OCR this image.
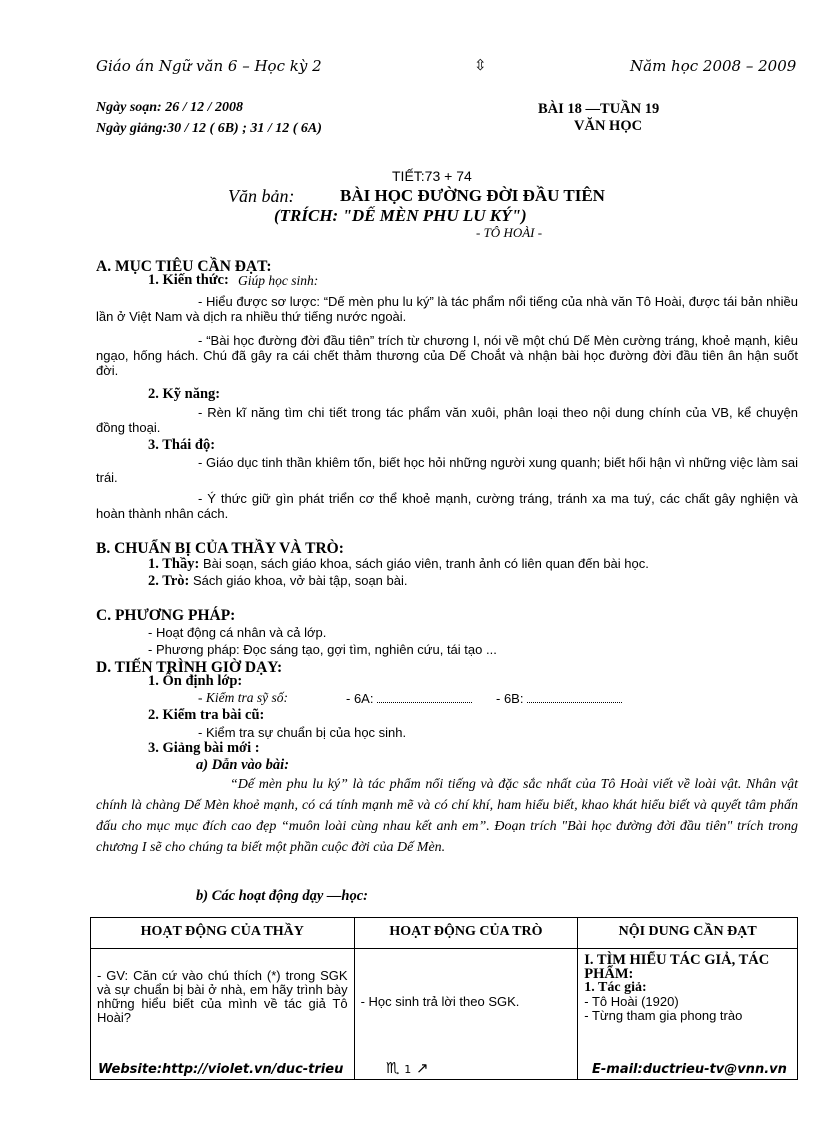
Giáo án Ngữ văn 6 – Học kỳ 2	⇳	Năm học 2008 – 2009
Ngày soạn: 26 / 12 / 2008
Ngày giảng:30 / 12 ( 6B) ; 31 / 12 ( 6A)
BÀI 18 —TUẦN 19
VĂN HỌC
TIẾT:73 + 74
Văn bản:	BÀI HỌC ĐƯỜNG ĐỜI ĐẦU TIÊN
(TRÍCH: "DẾ MÈN PHU LU KÝ")
- TÔ HOÀI -
A. MỤC TIÊU CẦN ĐẠT:
1. Kiến thức: Giúp học sinh:
- Hiểu được sơ lược: “Dế mèn phu lu ký” là tác phẩm nổi tiếng của nhà văn Tô Hoài, được tái bản nhiều lần ở Việt Nam và dịch ra nhiều thứ tiếng nước ngoài.
- “Bài học đường đời đầu tiên” trích từ chương I, nói về một chú Dế Mèn cường tráng, khoẻ mạnh, kiêu ngạo, hống hách. Chú đã gây ra cái chết thảm thương của Dế Choắt và nhận bài học đường đời đầu tiên ân hận suốt đời.
2. Kỹ năng:
- Rèn kĩ năng tìm chi tiết trong tác phẩm văn xuôi, phân loại theo nội dung chính của VB, kể chuyện đồng thoại.
3. Thái độ:
- Giáo dục tinh thần khiêm tốn, biết học hỏi những người xung quanh; biết hối hận vì những việc làm sai trái.
- Ý thức giữ gìn phát triển cơ thể khoẻ mạnh, cường tráng, tránh xa ma tuý, các chất gây nghiện và hoàn thành nhân cách.
B. CHUẨN BỊ CỦA THẦY VÀ TRÒ:
1. Thầy: Bài soạn, sách giáo khoa, sách giáo viên, tranh ảnh có liên quan đến bài học.
2. Trò: Sách giáo khoa, vở bài tập, soạn bài.
C. PHƯƠNG PHÁP:
- Hoạt động cá nhân và cả lớp.
- Phương pháp: Đọc sáng tạo, gợi tìm, nghiên cứu, tái tạo ...
D. TIẾN TRÌNH GIỜ DẠY:
1. Ổn định lớp:
- Kiểm tra sỹ số:	- 6A:	- 6B:
2. Kiểm tra bài cũ:
- Kiểm tra sự chuẩn bị của học sinh.
3. Giảng bài mới :
a) Dẫn vào bài:
“Dế mèn phu lu ký” là tác phẩm nổi tiếng và đặc sắc nhất của Tô Hoài viết về loài vật. Nhân vật chính là chàng Dế Mèn khoẻ mạnh, có cá tính mạnh mẽ và có chí khí, ham hiểu biết, khao khát hiểu biết và quyết tâm phấn đấu cho mục mục đích cao đẹp “muôn loài cùng nhau kết anh em”. Đoạn trích "Bài học đường đời đầu tiên" trích trong chương I sẽ cho chúng ta biết một phần cuộc đời của Dế Mèn.
b) Các hoạt động dạy —học:
HOẠT ĐỘNG CỦA THẦY	HOẠT ĐỘNG CỦA TRÒ	NỘI DUNG CẦN ĐẠT
- GV: Căn cứ vào chú thích (*) trong SGK và sự chuẩn bị bài ở nhà, em hãy trình bày những hiểu biết của mình về tác giả Tô Hoài?	- Học sinh trả lời theo SGK.	I. TÌM HIỂU TÁC GIẢ, TÁC PHẨM:
1. Tác giả:
- Tô Hoài (1920)
- Từng tham gia phong trào
Website:http://violet.vn/duc-trieu	♏ 1 ↗	E-mail:ductrieu-tv@vnn.vn
